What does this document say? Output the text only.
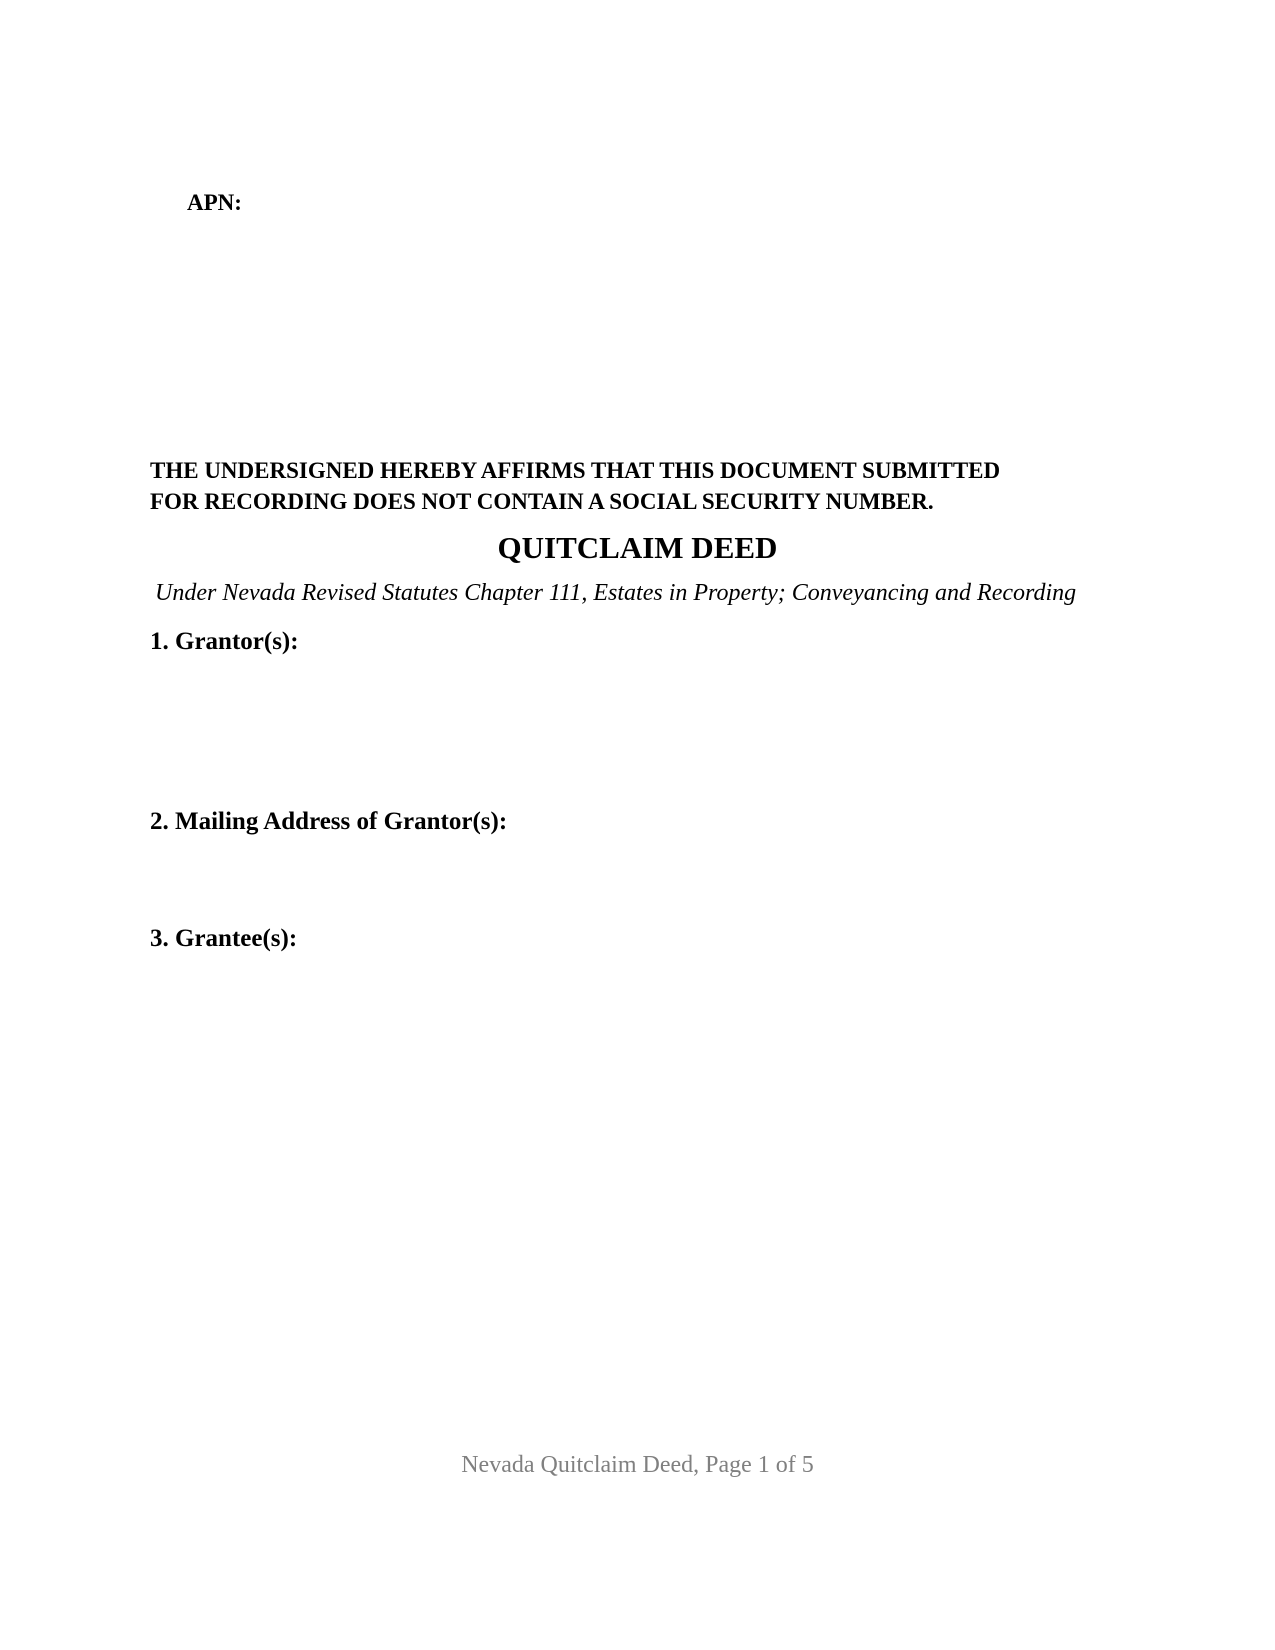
APN:
THE UNDERSIGNED HEREBY AFFIRMS THAT THIS DOCUMENT SUBMITTED
FOR RECORDING DOES NOT CONTAIN A SOCIAL SECURITY NUMBER.
QUITCLAIM DEED
Under Nevada Revised Statutes Chapter 111, Estates in Property; Conveyancing and Recording
1. Grantor(s):
2. Mailing Address of Grantor(s):
3. Grantee(s):
Nevada Quitclaim Deed, Page 1 of 5
